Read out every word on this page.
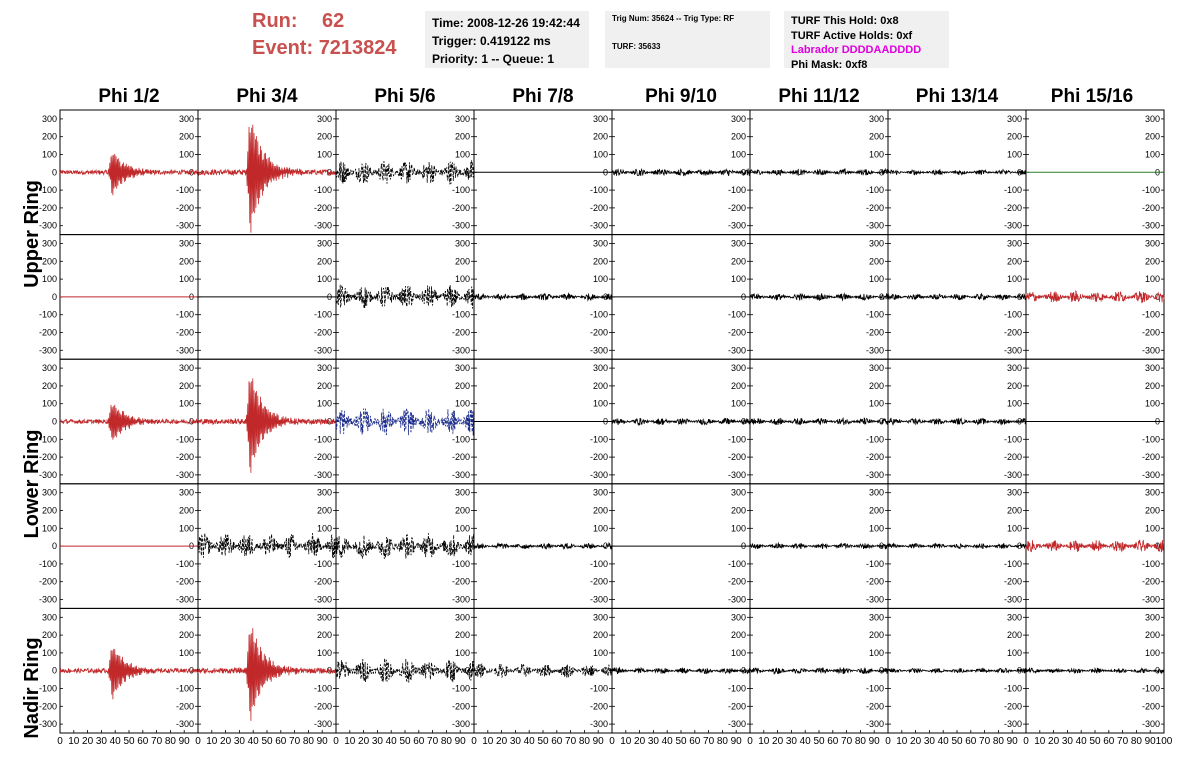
Run: 62
Event: 7213824
Time: 2008-12-26 19:42:44
Trigger: 0.419122 ms
Priority: 1 -- Queue: 1
Trig Num: 35624 -- Trig Type: RF
TURF: 35633
TURF This Hold: 0x8
TURF Active Holds: 0xf
Labrador DDDDAADDDD
Phi Mask: 0xf8
Phi 1/2	Phi 3/4	Phi 5/6	Phi 7/8	Phi 9/10	Phi 11/12	Phi 13/14	Phi 15/16
Upper Ring
Lower Ring
Nadir Ring
300	300
200	200
100	100
0	0
-100	-100
-200	-200
-300	-300
300
200
100
0
-100
-200
-300
300
200
100
0
-100
-200
-300
300
200
100
0
-100
-200
-300
300
200
100
0
-100
-200
-300
300
200
100
0
-100
-200
-300
300
200
100
0
-100
-200
-300
300
200
100
0
-100
-200
-300
300	300
200	200
100	100
0	0
-100	-100
-200	-200
-300	-300
300
200
100
0
-100
-200
-300
300
200
100
0
-100
-200
-300
300
200
100
0
-100
-200
-300
300
200
100
0
-100
-200
-300
300
200
100
0
-100
-200
-300
300
200
100
0
-100
-200
-300
300
200
100
0
-100
-200
-300
300	300
200	200
100	100
0	0
-100	-100
-200	-200
-300	-300
300
200
100
0
-100
-200
-300
300
200
100
0
-100
-200
-300
300
200
100
0
-100
-200
-300
300
200
100
0
-100
-200
-300
300
200
100
0
-100
-200
-300
300
200
100
0
-100
-200
-300
300
200
100
0
-100
-200
-300
300	300
200	200
100	100
0	0
-100	-100
-200	-200
-300	-300
300
200
100
0
-100
-200
-300
300
200
100
0
-100
-200
-300
300
200
100
0
-100
-200
-300
300
200
100
0
-100
-200
-300
300
200
100
0
-100
-200
-300
300
200
100
0
-100
-200
-300
300
200
100
0
-100
-200
-300
300	300
200	200
100	100
0	0
-100	-100
-200	-200
-300	-300
300
200
100
0
-100
-200
-300
300
200
100
0
-100
-200
-300
300
200
100
0
-100
-200
-300
300
200
100
0
-100
-200
-300
300
200
100
0
-100
-200
-300
300
200
100
0
-100
-200
-300
300
200
100
0
-100
-200
-300
0 10 20 30 40 50 60 70 80 90 0 10 20 30 40 50 60 70 80 90 0 10 20 30 40 50 60 70 80 90 0 10 20 30 40 50 60 70 80 90 0 10 20 30 40 50 60 70 80 90 0 10 20 30 40 50 60 70 80 90 0 10 20 30 40 50 60 70 80 90 0 10 20 30 40 50 60 70 80 90 100
